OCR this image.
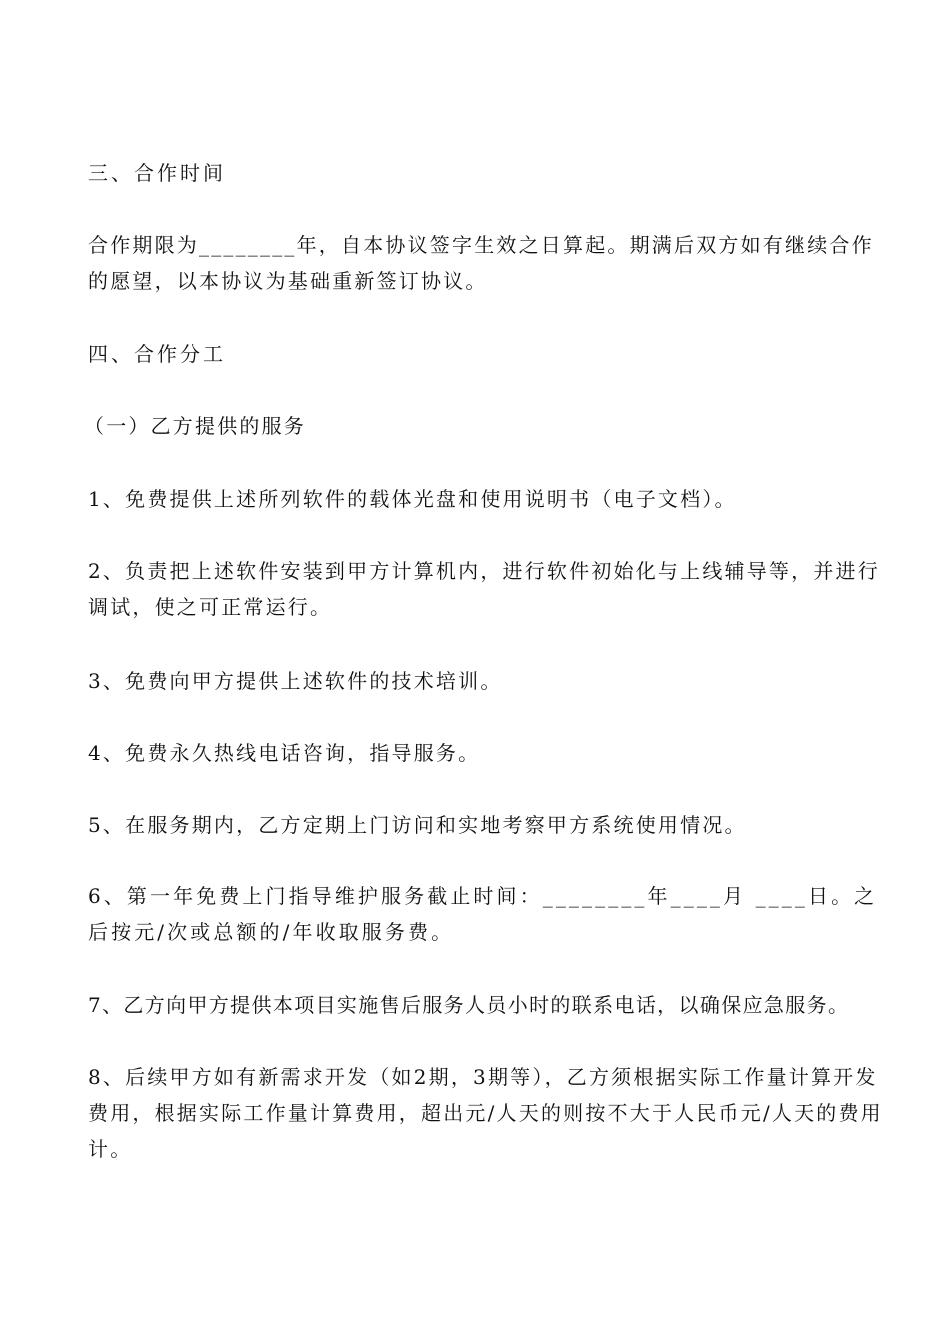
三、合作时间

合作期限为________年，自本协议签字生效之日算起。期满后双方如有继续合作的愿望，以本协议为基础重新签订协议。

四、合作分工

（一）乙方提供的服务

1、免费提供上述所列软件的载体光盘和使用说明书（电子文档）。

2、负责把上述软件安装到甲方计算机内，进行软件初始化与上线辅导等，并进行调试，使之可正常运行。

3、免费向甲方提供上述软件的技术培训。

4、免费永久热线电话咨询，指导服务。

5、在服务期内，乙方定期上门访问和实地考察甲方系统使用情况。

6、第一年免费上门指导维护服务截止时间：________年____月 ____日。之后按元/次或总额的/年收取服务费。

7、乙方向甲方提供本项目实施售后服务人员小时的联系电话，以确保应急服务。

8、后续甲方如有新需求开发（如2期，3期等），乙方须根据实际工作量计算开发费用，根据实际工作量计算费用，超出元/人天的则按不大于人民币元/人天的费用计。
